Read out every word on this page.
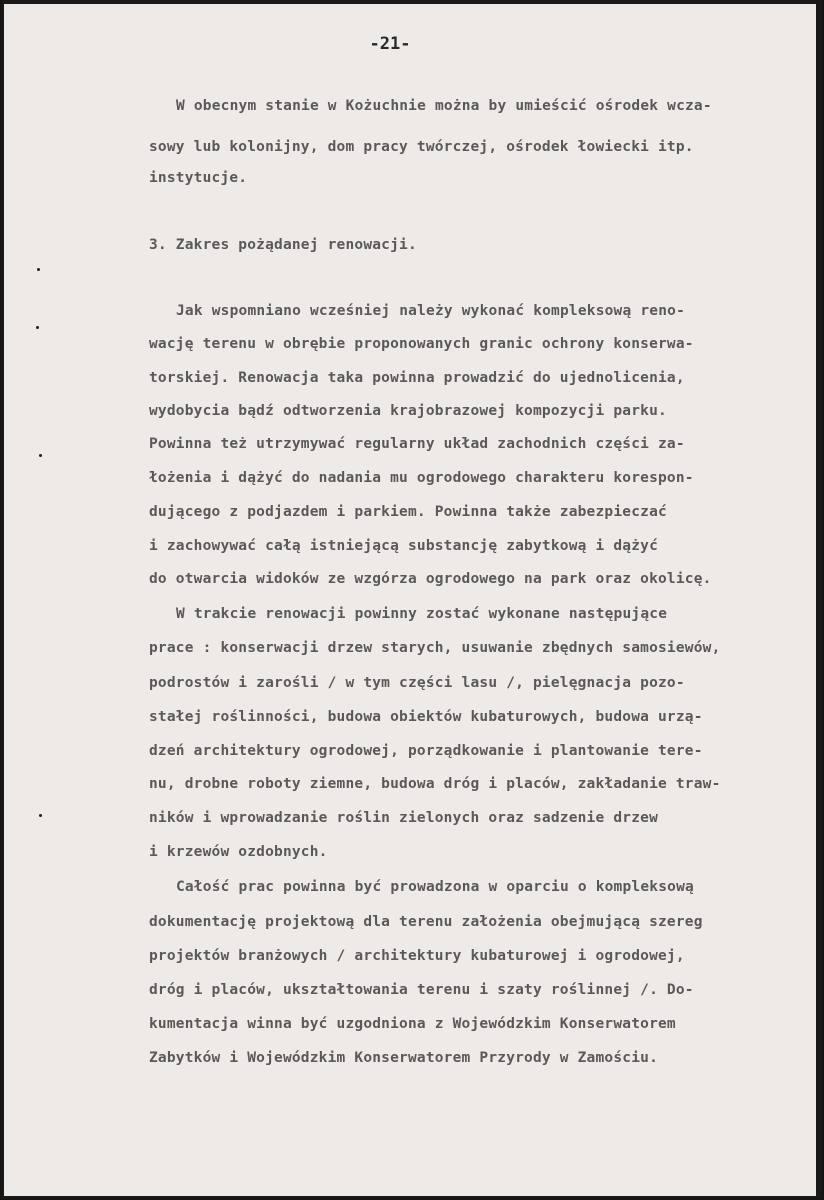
-21-
W obecnym stanie w Kożuchnie można by umieścić ośrodek wcza-
sowy lub kolonijny, dom pracy twórczej, ośrodek łowiecki itp.
instytucje.
3. Zakres pożądanej renowacji.
Jak wspomniano wcześniej należy wykonać kompleksową reno-
wację terenu w obrębie proponowanych granic ochrony konserwa-
torskiej. Renowacja taka powinna prowadzić do ujednolicenia,
wydobycia bądź odtworzenia krajobrazowej kompozycji parku.
Powinna też utrzymywać regularny układ zachodnich części za-
łożenia i dążyć do nadania mu ogrodowego charakteru korespon-
dującego z podjazdem i parkiem. Powinna także zabezpieczać
i zachowywać całą istniejącą substancję zabytkową i dążyć
do otwarcia widoków ze wzgórza ogrodowego na park oraz okolicę.
W trakcie renowacji powinny zostać wykonane następujące
prace : konserwacji drzew starych, usuwanie zbędnych samosiewów,
podrostów i zarośli / w tym części lasu /, pielęgnacja pozo-
stałej roślinności, budowa obiektów kubaturowych, budowa urzą-
dzeń architektury ogrodowej, porządkowanie i plantowanie tere-
nu, drobne roboty ziemne, budowa dróg i placów, zakładanie traw-
ników i wprowadzanie roślin zielonych oraz sadzenie drzew
i krzewów ozdobnych.
Całość prac powinna być prowadzona w oparciu o kompleksową
dokumentację projektową dla terenu założenia obejmującą szereg
projektów branżowych / architektury kubaturowej i ogrodowej,
dróg i placów, ukształtowania terenu i szaty roślinnej /. Do-
kumentacja winna być uzgodniona z Wojewódzkim Konserwatorem
Zabytków i Wojewódzkim Konserwatorem Przyrody w Zamościu.
